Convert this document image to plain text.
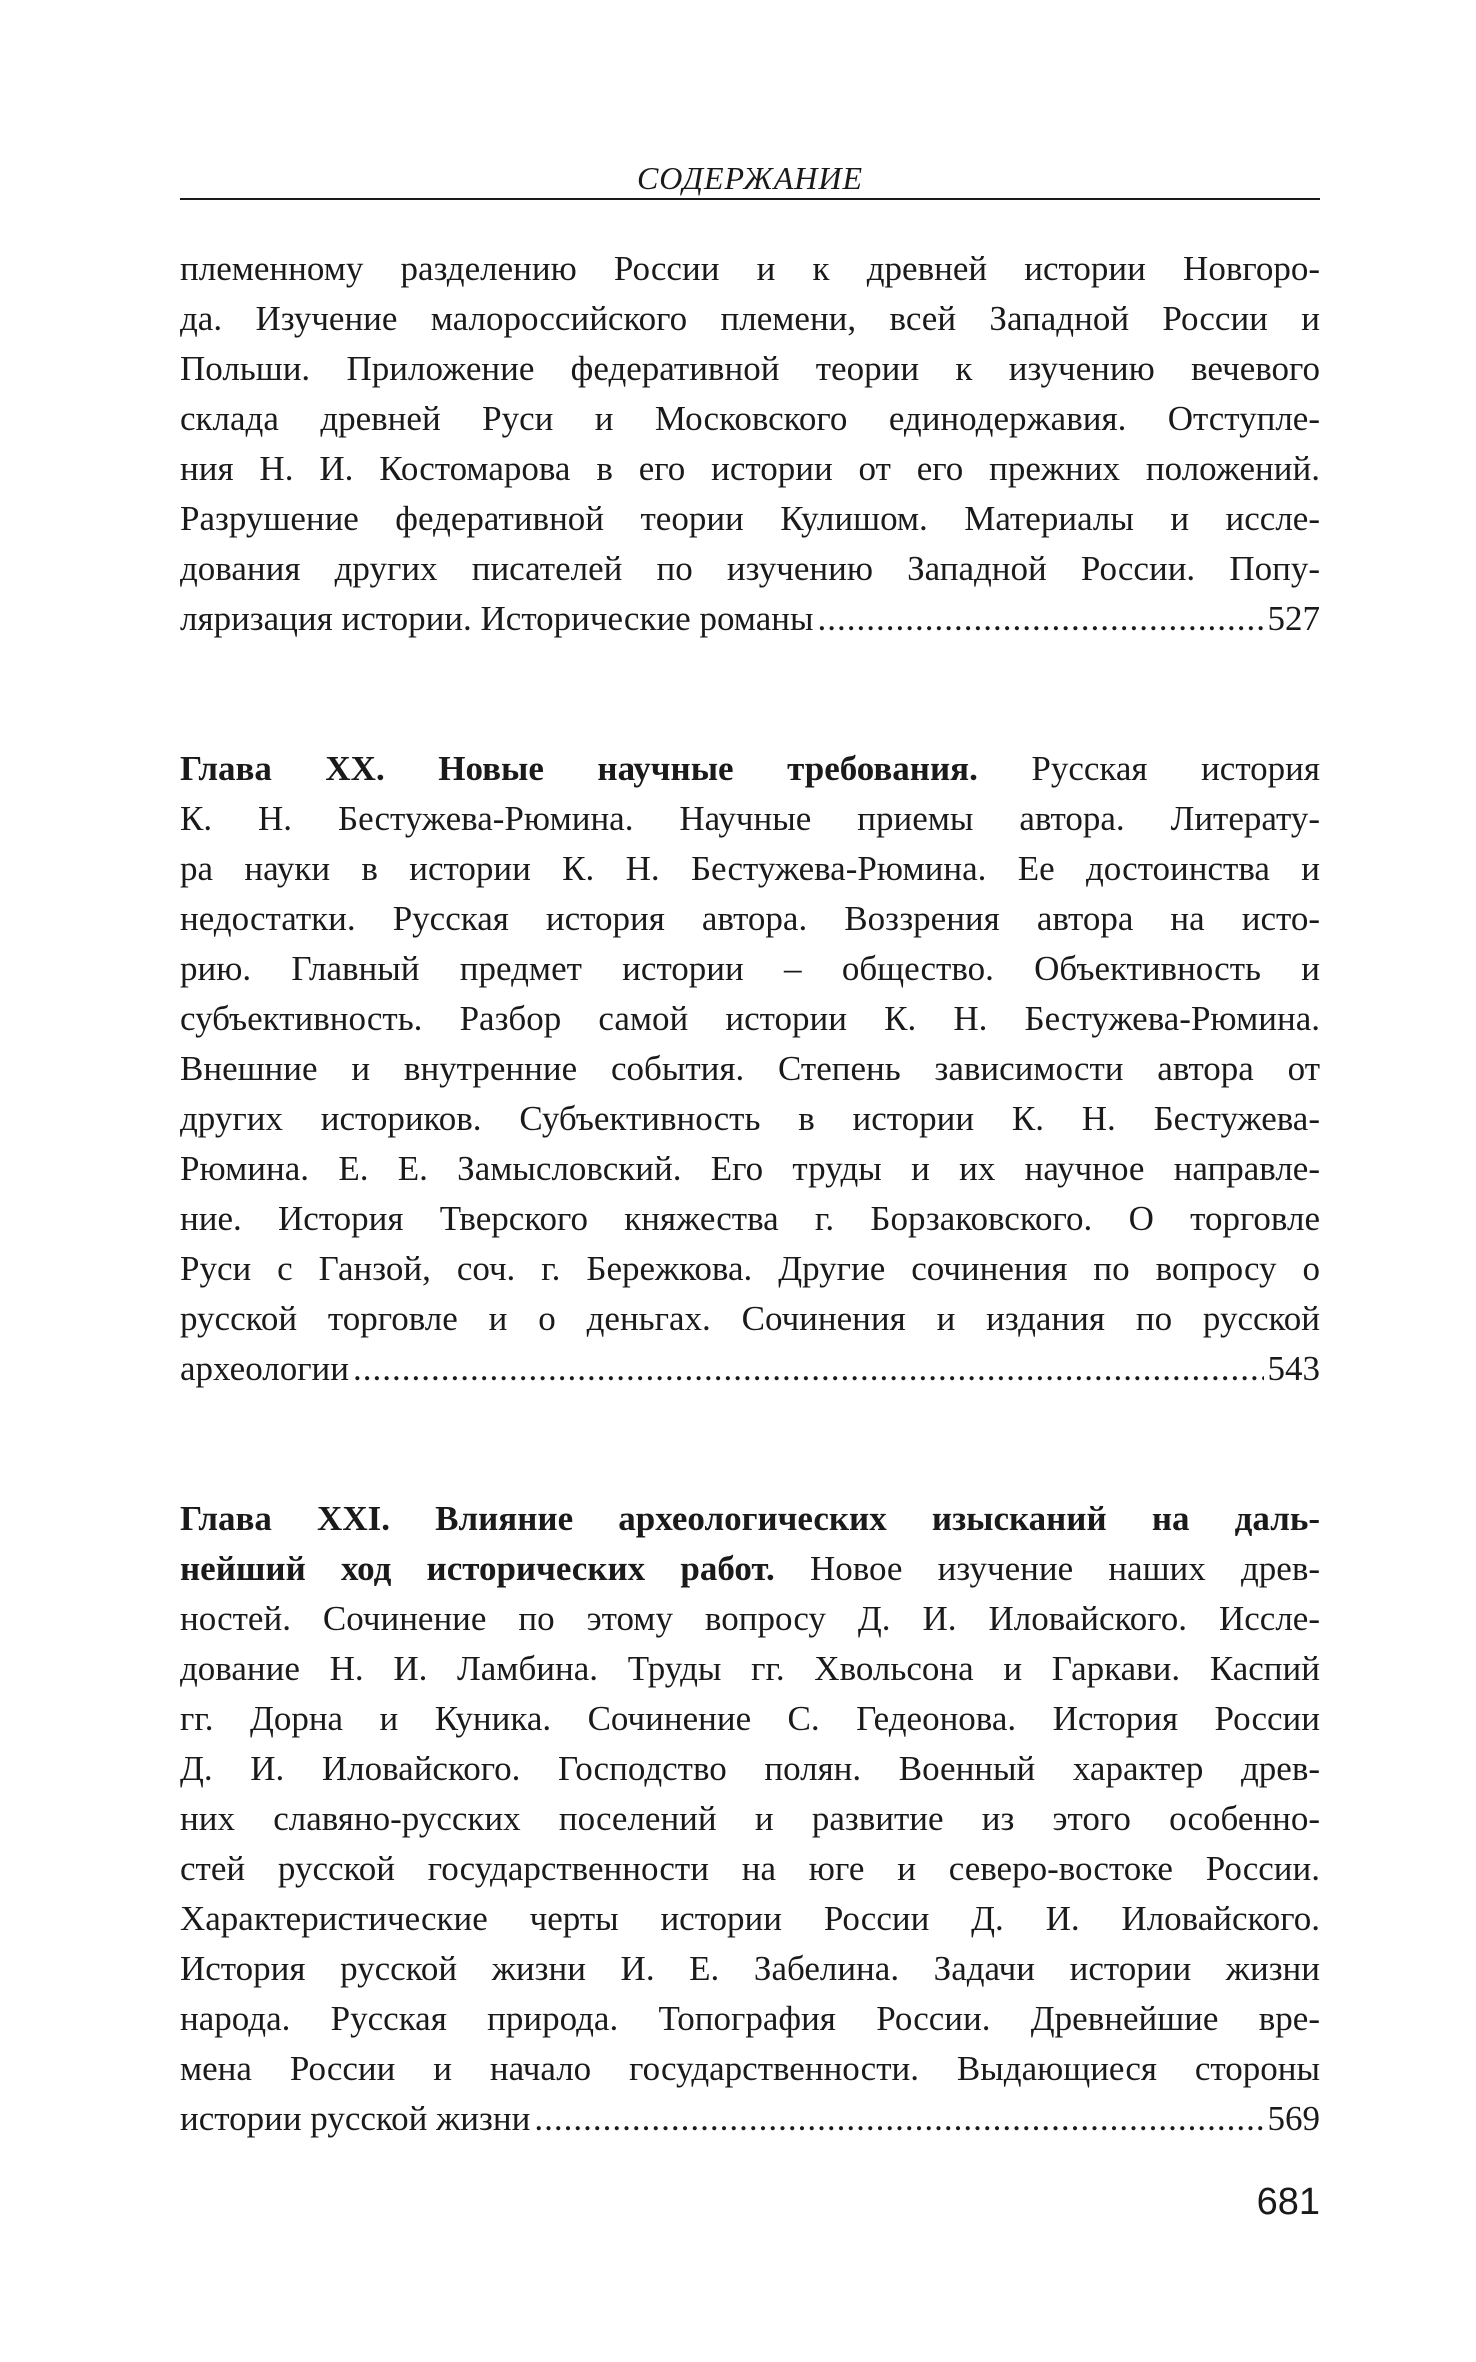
СОДЕРЖАНИЕ
племенному разделению России и к древней истории Новгоро-
да. Изучение малороссийского племени, всей Западной России и
Польши. Приложение федеративной теории к изучению вечевого
склада древней Руси и Московского единодержавия. Отступле-
ния Н. И. Костомарова в его истории от его прежних положений.
Разрушение федеративной теории Кулишом. Материалы и иссле-
дования других писателей по изучению Западной России. Попу-
ляризация истории. Исторические романы .....	527
Глава XX. Новые научные требования. Русская история
К. Н. Бестужева-Рюмина. Научные приемы автора. Литерату-
ра науки в истории К. Н. Бестужева-Рюмина. Ее достоинства и
недостатки. Русская история автора. Воззрения автора на исто-
рию. Главный предмет истории – общество. Объективность и
субъективность. Разбор самой истории К. Н. Бестужева-Рюмина.
Внешние и внутренние события. Степень зависимости автора от
других историков. Субъективность в истории К. Н. Бестужева-
Рюмина. Е. Е. Замысловский. Его труды и их научное направле-
ние. История Тверского княжества г. Борзаковского. О торговле
Руси с Ганзой, соч. г. Бережкова. Другие сочинения по вопросу о
русской торговле и о деньгах. Сочинения и издания по русской
археологии .....	543
Глава XXI. Влияние археологических изысканий на даль-
нейший ход исторических работ. Новое изучение наших древ-
ностей. Сочинение по этому вопросу Д. И. Иловайского. Иссле-
дование Н. И. Ламбина. Труды гг. Хвольсона и Гаркави. Каспий
гг. Дорна и Куника. Сочинение С. Гедеонова. История России
Д. И. Иловайского. Господство полян. Военный характер древ-
них славяно-русских поселений и развитие из этого особенно-
стей русской государственности на юге и северо-востоке России.
Характеристические черты истории России Д. И. Иловайского.
История русской жизни И. Е. Забелина. Задачи истории жизни
народа. Русская природа. Топография России. Древнейшие вре-
мена России и начало государственности. Выдающиеся стороны
истории русской жизни .....	569
681
